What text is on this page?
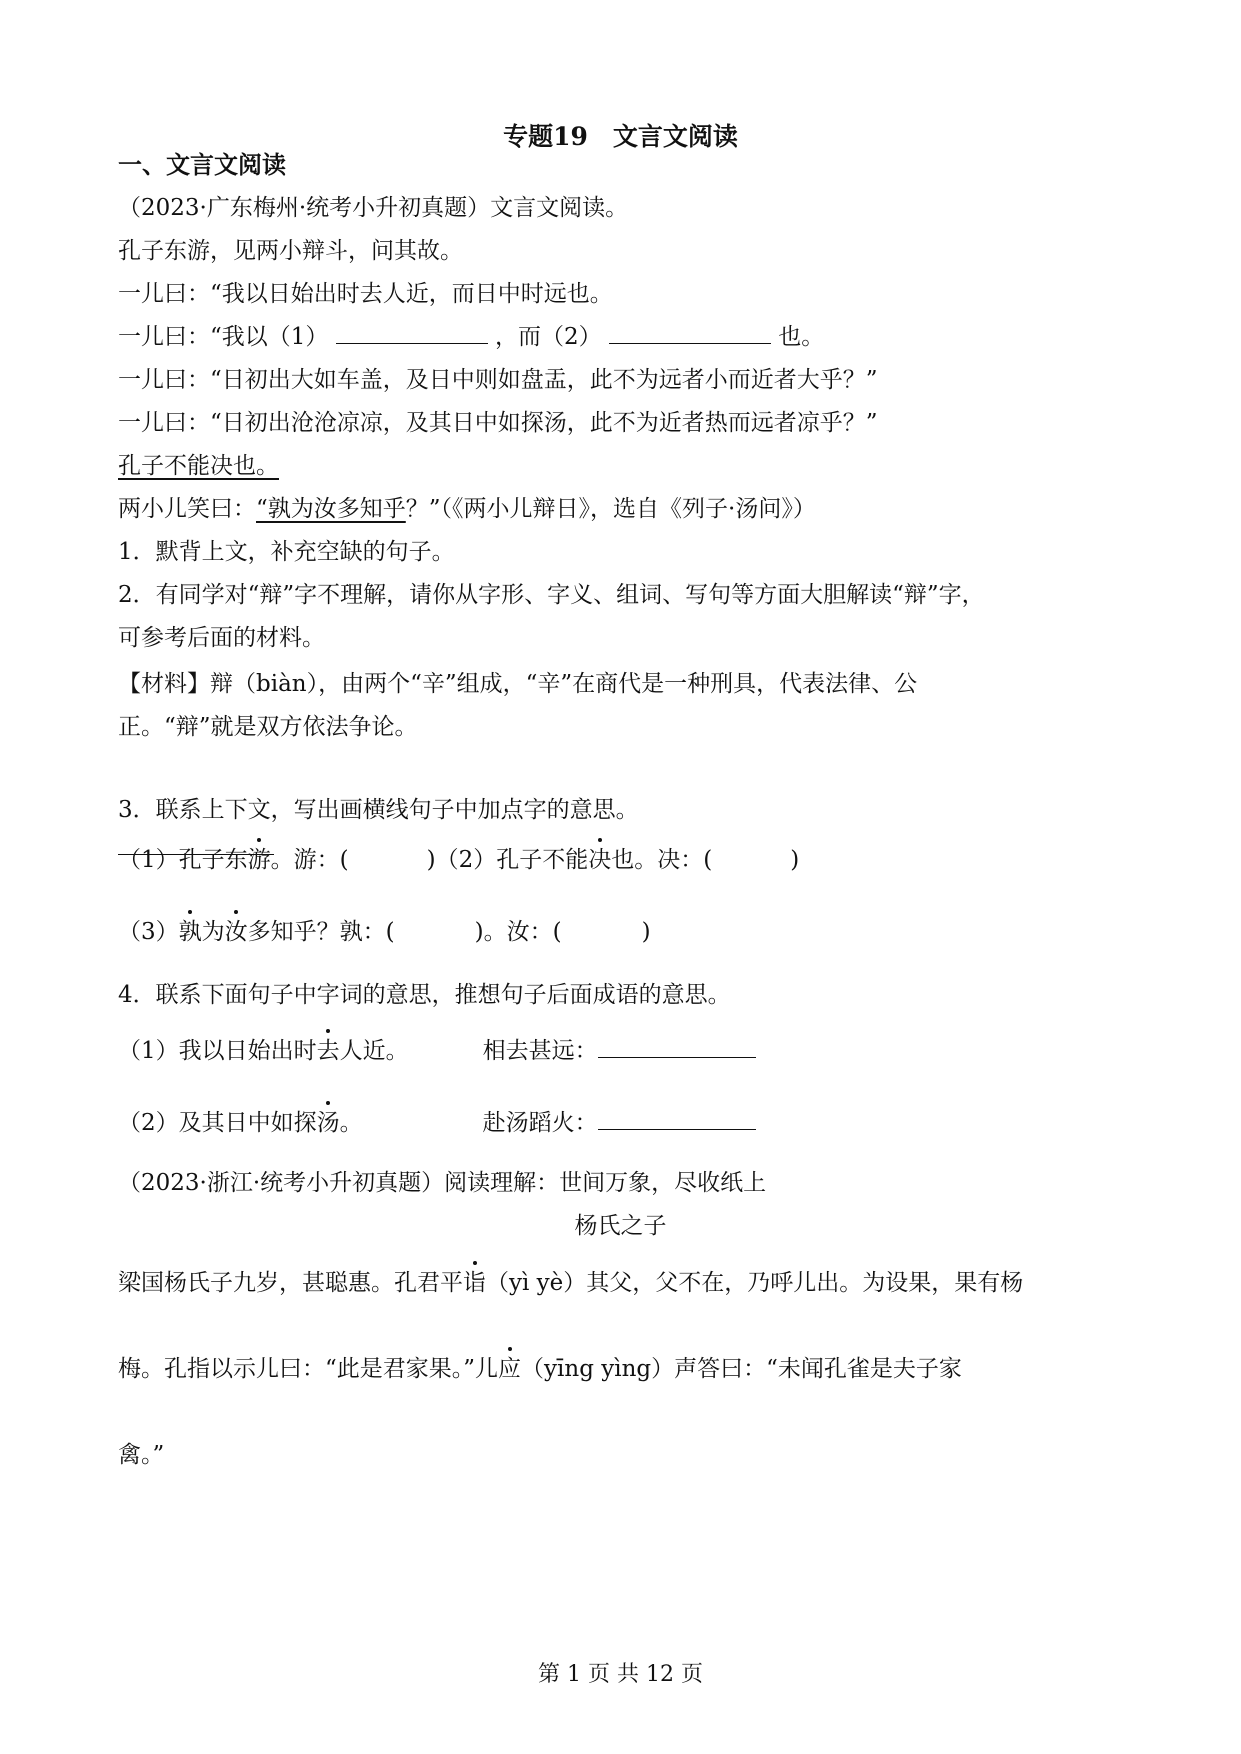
专题19　文言文阅读
一、文言文阅读
（2023·广东梅州·统考小升初真题）文言文阅读。
孔子东游，见两小辩斗，问其故。
一儿曰：“我以日始出时去人近，而日中时远也。
一儿曰：“我以（1）	，而（2）	也。
一儿曰：“日初出大如车盖，及日中则如盘盂，此不为远者小而近者大乎？”
一儿曰：“日初出沧沧凉凉，及其日中如探汤，此不为近者热而远者凉乎？”
孔子不能决也。
两小儿笑曰：“孰为汝多知乎？”（《两小儿辩日》，选自《列子·汤问》）
1．默背上文，补充空缺的句子。
2．有同学对“辩”字不理解，请你从字形、字义、组词、写句等方面大胆解读“辩”字，
可参考后面的材料。
【材料】辩（biàn），由两个“辛”组成，“辛”在商代是一种刑具，代表法律、公
正。“辩”就是双方依法争论。
3．联系上下文，写出画横线句子中加点字的意思。
（1）孔子东游。游：(	)（2）孔子不能决也。决：(	)
（3）孰为汝多知乎？孰：(	)。汝：(	)
4．联系下面句子中字词的意思，推想句子后面成语的意思。
（1）我以日始出时去人近。	相去甚远：
（2）及其日中如探汤。	赴汤蹈火：
（2023·浙江·统考小升初真题）阅读理解：世间万象，尽收纸上
杨氏之子
梁国杨氏子九岁，甚聪惠。孔君平诣（yì yè）其父，父不在，乃呼儿出。为设果，果有杨
梅。孔指以示儿曰：“此是君家果。”儿应（yīng yìng）声答曰：“未闻孔雀是夫子家
禽。”
第 1 页 共 12 页
